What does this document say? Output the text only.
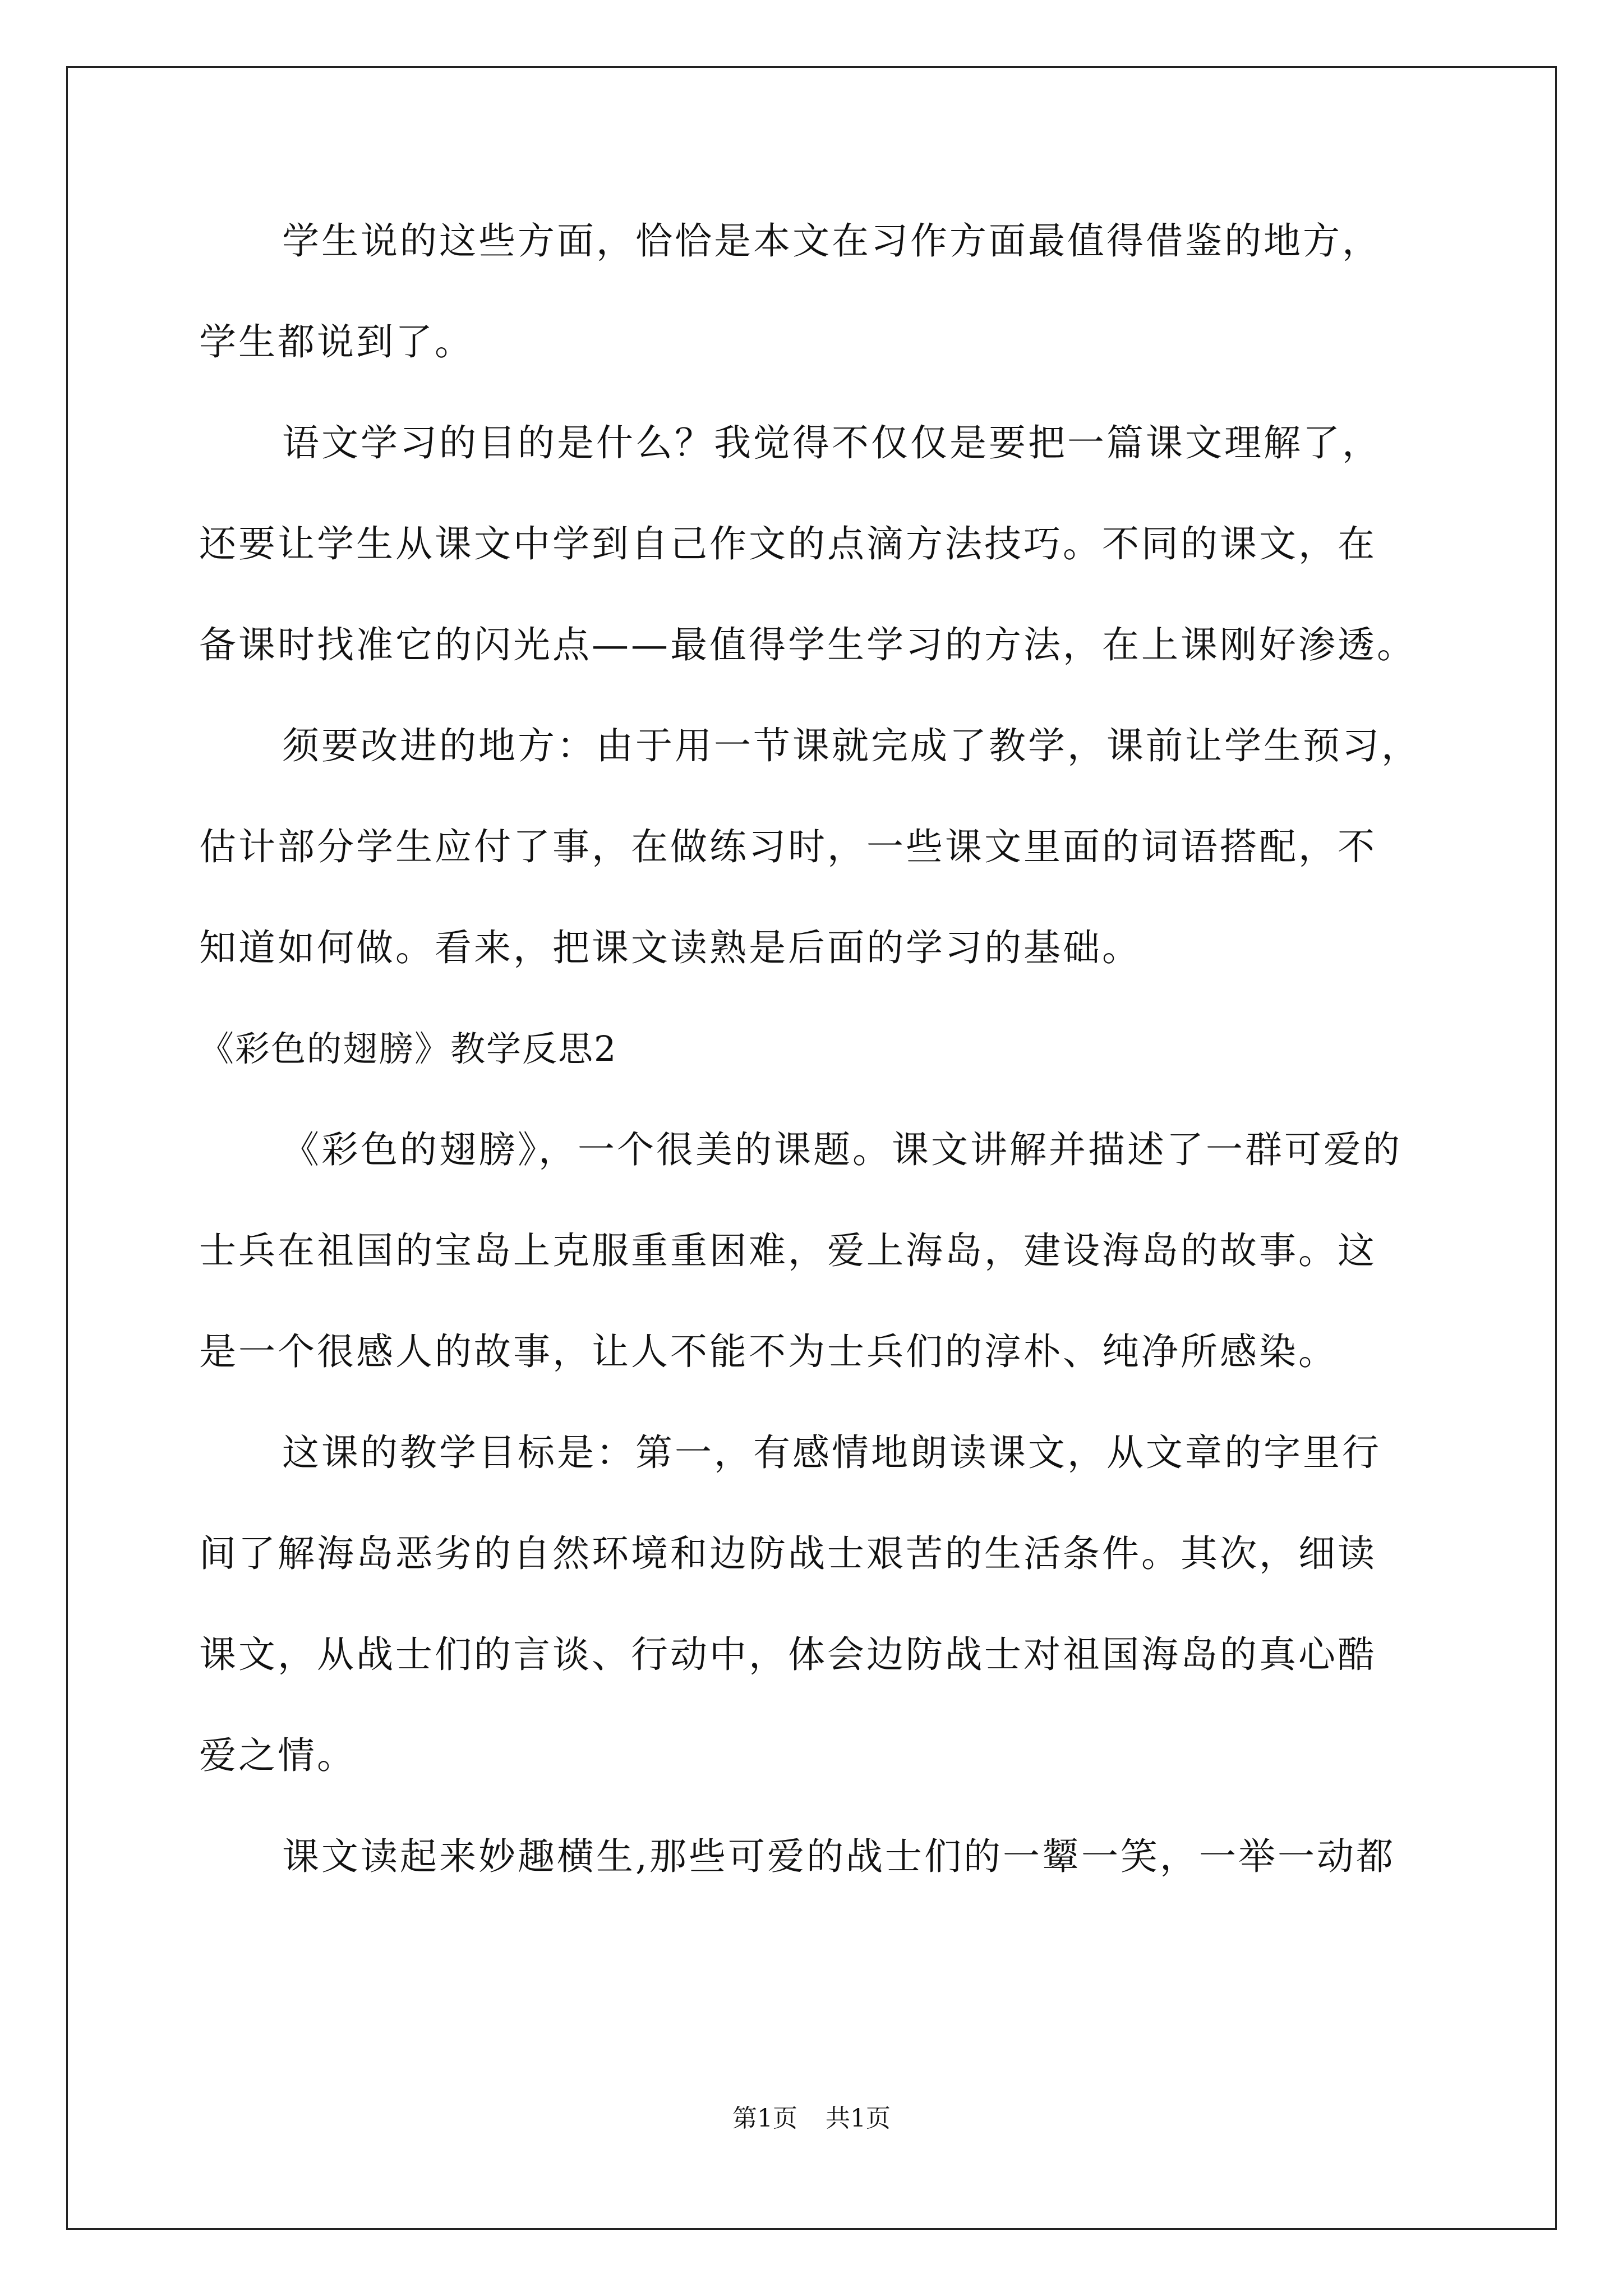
学生说的这些方面，恰恰是本文在习作方面最值得借鉴的地方，
学生都说到了。
语文学习的目的是什么？我觉得不仅仅是要把一篇课文理解了，
还要让学生从课文中学到自己作文的点滴方法技巧。不同的课文，在
备课时找准它的闪光点——最值得学生学习的方法，在上课刚好渗透。
须要改进的地方：由于用一节课就完成了教学，课前让学生预习，
估计部分学生应付了事，在做练习时，一些课文里面的词语搭配，不
知道如何做。看来，把课文读熟是后面的学习的基础。
《彩色的翅膀》教学反思2
《彩色的翅膀》，一个很美的课题。课文讲解并描述了一群可爱的
士兵在祖国的宝岛上克服重重困难，爱上海岛，建设海岛的故事。这
是一个很感人的故事，让人不能不为士兵们的淳朴、纯净所感染。
这课的教学目标是：第一，有感情地朗读课文，从文章的字里行
间了解海岛恶劣的自然环境和边防战士艰苦的生活条件。其次，细读
课文，从战士们的言谈、行动中，体会边防战士对祖国海岛的真心酷
爱之情。
课文读起来妙趣横生,那些可爱的战士们的一颦一笑，一举一动都
第1页 共1页
